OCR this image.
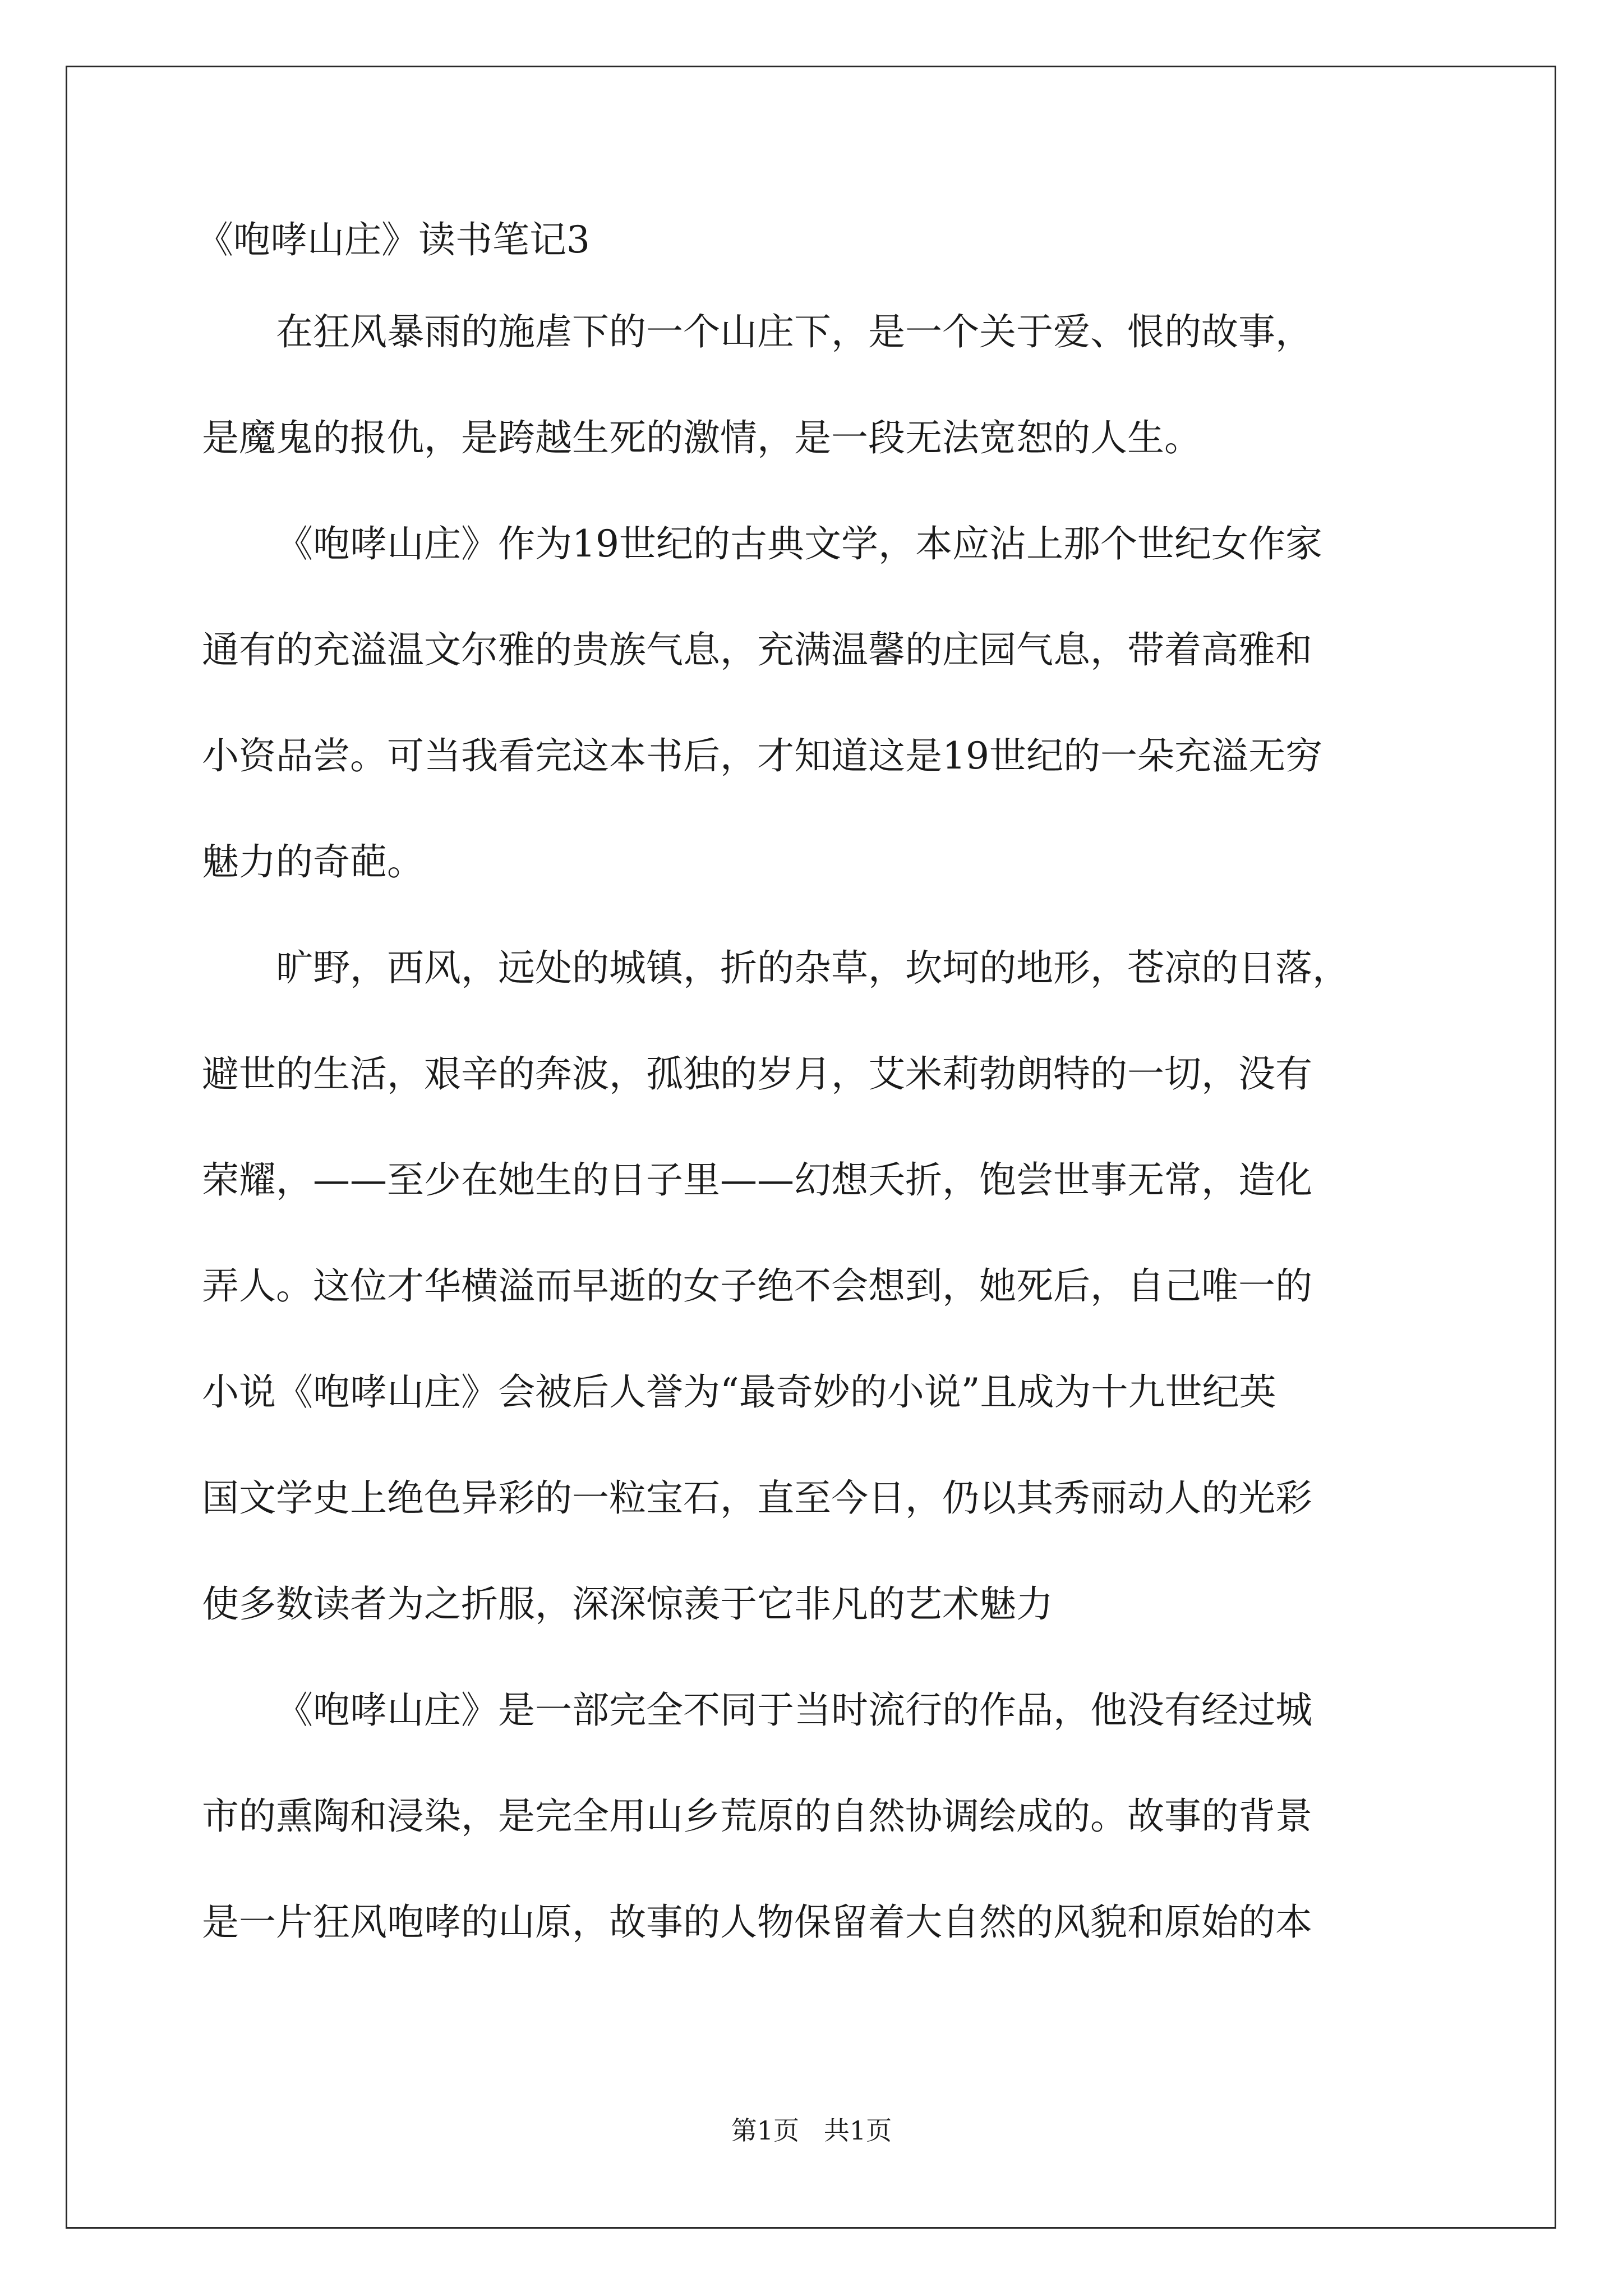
《咆哮山庄》读书笔记3
在狂风暴雨的施虐下的一个山庄下，是一个关于爱、恨的故事，
是魔鬼的报仇，是跨越生死的激情，是一段无法宽恕的人生。
《咆哮山庄》作为19世纪的古典文学，本应沾上那个世纪女作家
通有的充溢温文尔雅的贵族气息，充满温馨的庄园气息，带着高雅和
小资品尝。可当我看完这本书后，才知道这是19世纪的一朵充溢无穷
魅力的奇葩。
旷野，西风，远处的城镇，折的杂草，坎坷的地形，苍凉的日落，
避世的生活，艰辛的奔波，孤独的岁月，艾米莉勃朗特的一切，没有
荣耀，——至少在她生的日子里——幻想夭折，饱尝世事无常，造化
弄人。这位才华横溢而早逝的女子绝不会想到，她死后，自己唯一的
小说《咆哮山庄》会被后人誉为“最奇妙的小说”且成为十九世纪英
国文学史上绝色异彩的一粒宝石，直至今日，仍以其秀丽动人的光彩
使多数读者为之折服，深深惊羡于它非凡的艺术魅力
《咆哮山庄》是一部完全不同于当时流行的作品，他没有经过城
市的熏陶和浸染，是完全用山乡荒原的自然协调绘成的。故事的背景
是一片狂风咆哮的山原，故事的人物保留着大自然的风貌和原始的本
第1页   共1页
